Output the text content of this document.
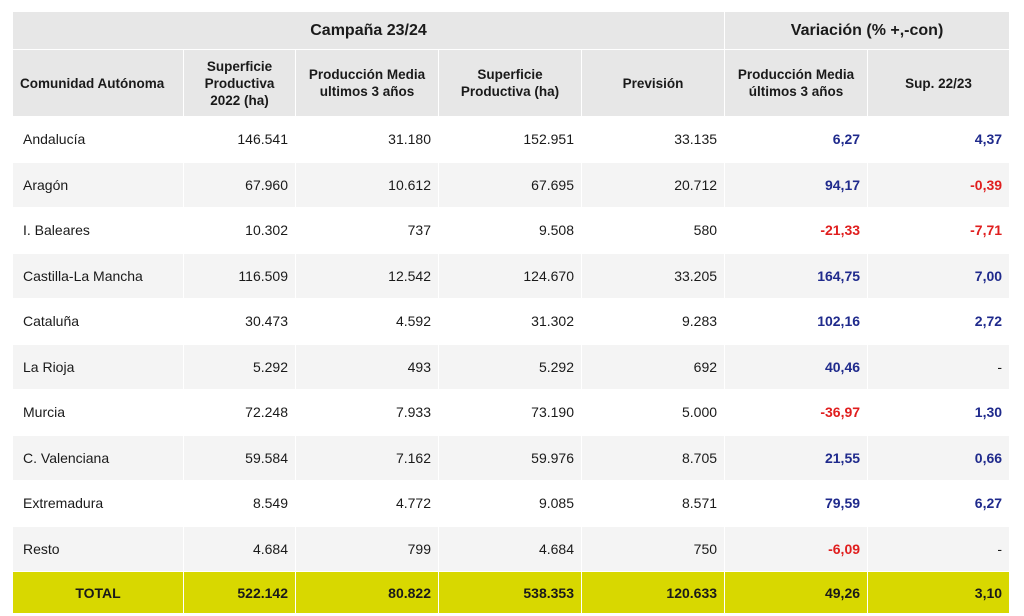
Campaña 23/24					Variación (% +,-con)	
Comunidad Autónoma	Superficie Productiva 2022 (ha)	Producción Media ultimos 3 años	Superficie Productiva (ha)	Previsión	Producción Media últimos 3 años	Sup. 22/23
Andalucía	146.541	31.180	152.951	33.135	6,27	4,37
Aragón	67.960	10.612	67.695	20.712	94,17	-0,39
I. Baleares	10.302	737	9.508	580	-21,33	-7,71
Castilla-La Mancha	116.509	12.542	124.670	33.205	164,75	7,00
Cataluña	30.473	4.592	31.302	9.283	102,16	2,72
La Rioja	5.292	493	5.292	692	40,46	-
Murcia	72.248	7.933	73.190	5.000	-36,97	1,30
C. Valenciana	59.584	7.162	59.976	8.705	21,55	0,66
Extremadura	8.549	4.772	9.085	8.571	79,59	6,27
Resto	4.684	799	4.684	750	-6,09	-
TOTAL	522.142	80.822	538.353	120.633	49,26	3,10
